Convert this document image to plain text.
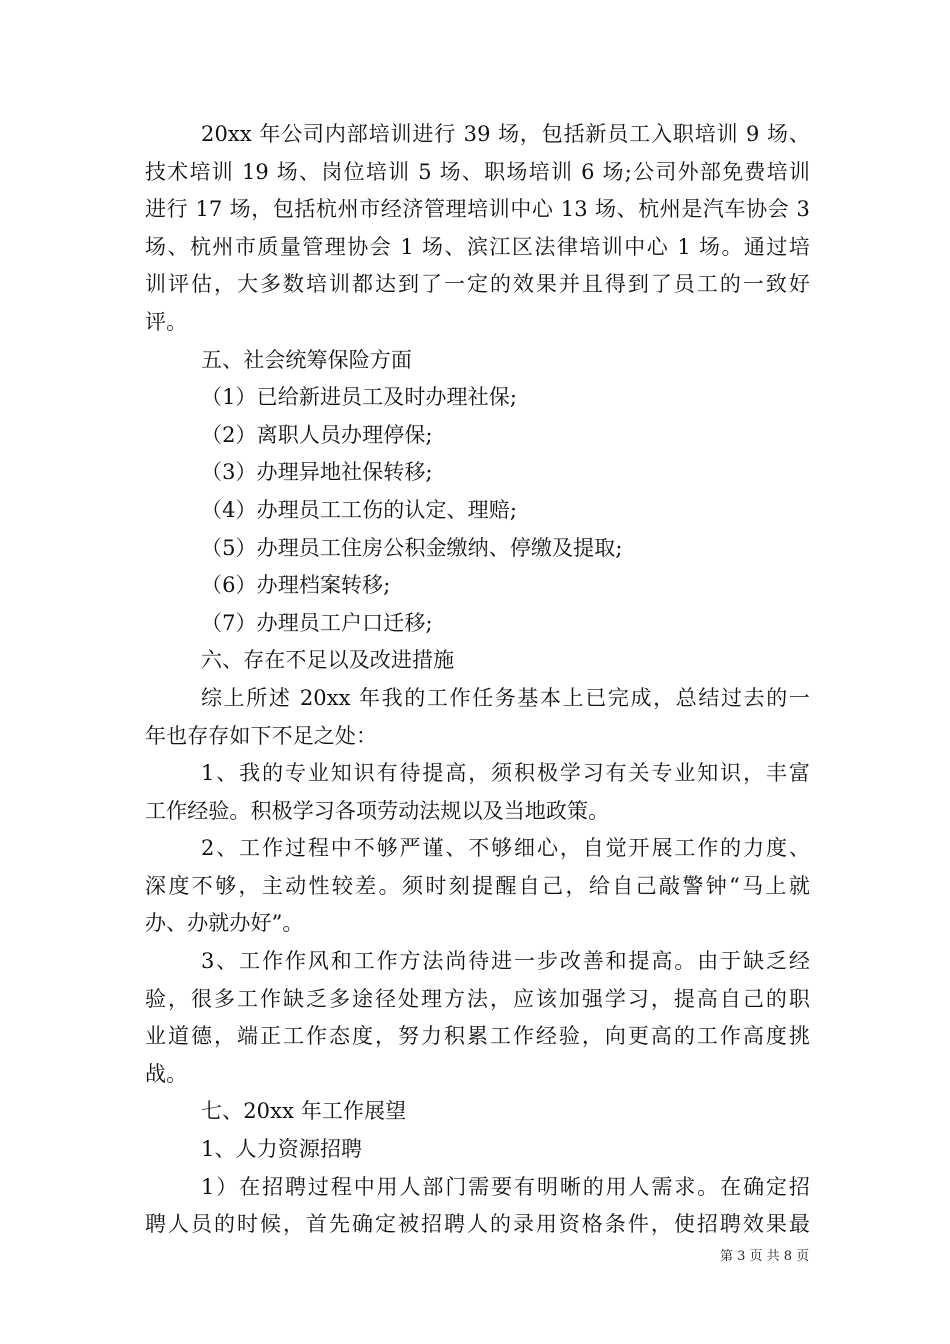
20xx 年公司内部培训进行 39 场，包括新员工入职培训 9 场、
技术培训 19 场、岗位培训 5 场、职场培训 6 场;公司外部免费培训
进行 17 场，包括杭州市经济管理培训中心 13 场、杭州是汽车协会 3
场、杭州市质量管理协会 1 场、滨江区法律培训中心 1 场。通过培
训评估，大多数培训都达到了一定的效果并且得到了员工的一致好
评。
五、社会统筹保险方面
（1）已给新进员工及时办理社保;
（2）离职人员办理停保;
（3）办理异地社保转移;
（4）办理员工工伤的认定、理赔;
（5）办理员工住房公积金缴纳、停缴及提取;
（6）办理档案转移;
（7）办理员工户口迁移;
六、存在不足以及改进措施
综上所述 20xx 年我的工作任务基本上已完成，总结过去的一
年也存存如下不足之处：
1、我的专业知识有待提高，须积极学习有关专业知识，丰富
工作经验。积极学习各项劳动法规以及当地政策。
2、工作过程中不够严谨、不够细心，自觉开展工作的力度、
深度不够，主动性较差。须时刻提醒自己，给自己敲警钟“马上就
办、办就办好”。
3、工作作风和工作方法尚待进一步改善和提高。由于缺乏经
验，很多工作缺乏多途径处理方法，应该加强学习，提高自己的职
业道德，端正工作态度，努力积累工作经验，向更高的工作高度挑
战。
七、20xx 年工作展望
1、人力资源招聘
1）在招聘过程中用人部门需要有明晰的用人需求。在确定招
聘人员的时候，首先确定被招聘人的录用资格条件，使招聘效果最
第 3 页 共 8 页
